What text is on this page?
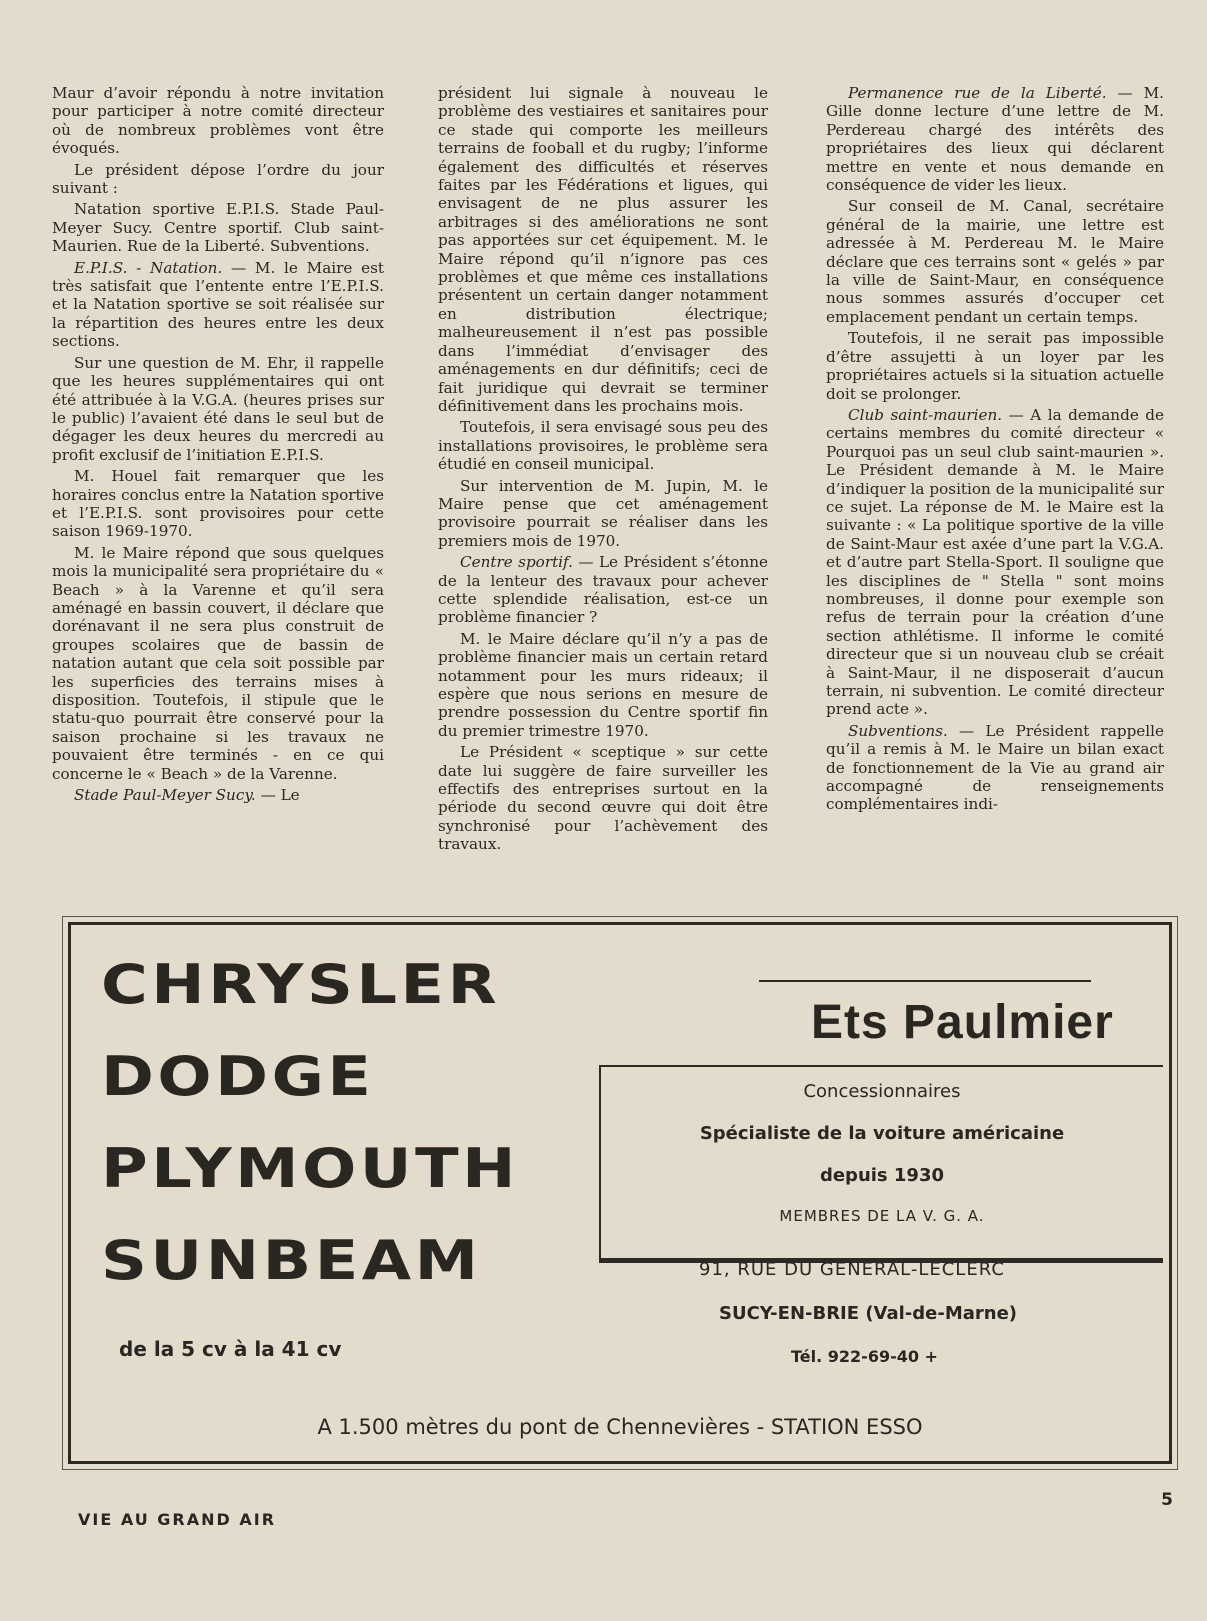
Maur d’avoir répondu à notre invitation pour participer à notre comité directeur où de nombreux problèmes vont être évoqués.

Le président dépose l’ordre du jour suivant :

Natation sportive E.P.I.S. Stade Paul-Meyer Sucy. Centre sportif. Club saint-Maurien. Rue de la Liberté. Subventions.

E.P.I.S. - Natation. — M. le Maire est très satisfait que l’entente entre l’E.P.I.S. et la Natation sportive se soit réalisée sur la répartition des heures entre les deux sections.

Sur une question de M. Ehr, il rappelle que les heures supplémentaires qui ont été attribuée à la V.G.A. (heures prises sur le public) l’avaient été dans le seul but de dégager les deux heures du mercredi au profit exclusif de l’initiation E.P.I.S.

M. Houel fait remarquer que les horaires conclus entre la Natation sportive et l’E.P.I.S. sont provisoires pour cette saison 1969-1970.

M. le Maire répond que sous quelques mois la municipalité sera propriétaire du « Beach » à la Varenne et qu’il sera aménagé en bassin couvert, il déclare que dorénavant il ne sera plus construit de groupes scolaires que de bassin de natation autant que cela soit possible par les superficies des terrains mises à disposition. Toutefois, il stipule que le statu-quo pourrait être conservé pour la saison prochaine si les travaux ne pouvaient être terminés - en ce qui concerne le « Beach » de la Varenne.

Stade Paul-Meyer Sucy. — Le

président lui signale à nouveau le problème des vestiaires et sanitaires pour ce stade qui comporte les meilleurs terrains de fooball et du rugby; l’informe également des difficultés et réserves faites par les Fédérations et ligues, qui envisagent de ne plus assurer les arbitrages si des améliorations ne sont pas apportées sur cet équipement. M. le Maire répond qu’il n’ignore pas ces problèmes et que même ces installations présentent un certain danger notamment en distribution électrique; malheureusement il n’est pas possible dans l’immédiat d’envisager des aménagements en dur définitifs; ceci de fait juridique qui devrait se terminer définitivement dans les prochains mois.

Toutefois, il sera envisagé sous peu des installations provisoires, le problème sera étudié en conseil municipal.

Sur intervention de M. Jupin, M. le Maire pense que cet aménagement provisoire pourrait se réaliser dans les premiers mois de 1970.

Centre sportif. — Le Président s’étonne de la lenteur des travaux pour achever cette splendide réalisation, est-ce un problème financier ?

M. le Maire déclare qu’il n’y a pas de problème financier mais un certain retard notamment pour les murs rideaux; il espère que nous serions en mesure de prendre possession du Centre sportif fin du premier trimestre 1970.

Le Président « sceptique » sur cette date lui suggère de faire surveiller les effectifs des entreprises surtout en la période du second œuvre qui doit être synchronisé pour l’achèvement des travaux.

Permanence rue de la Liberté. — M. Gille donne lecture d’une lettre de M. Perdereau chargé des intérêts des propriétaires des lieux qui déclarent mettre en vente et nous demande en conséquence de vider les lieux.

Sur conseil de M. Canal, secrétaire général de la mairie, une lettre est adressée à M. Perdereau M. le Maire déclare que ces terrains sont « gelés » par la ville de Saint-Maur, en conséquence nous sommes assurés d’occuper cet emplacement pendant un certain temps.

Toutefois, il ne serait pas impossible d’être assujetti à un loyer par les propriétaires actuels si la situation actuelle doit se prolonger.

Club saint-maurien. — A la demande de certains membres du comité directeur « Pourquoi pas un seul club saint-maurien ». Le Président demande à M. le Maire d’indiquer la position de la municipalité sur ce sujet. La réponse de M. le Maire est la suivante : « La politique sportive de la ville de Saint-Maur est axée d’une part la V.G.A. et d’autre part Stella-Sport. Il souligne que les disciplines de " Stella " sont moins nombreuses, il donne pour exemple son refus de terrain pour la création d’une section athlétisme. Il informe le comité directeur que si un nouveau club se créait à Saint-Maur, il ne disposerait d’aucun terrain, ni subvention. Le comité directeur prend acte ».

Subventions. — Le Président rappelle qu’il a remis à M. le Maire un bilan exact de fonctionnement de la Vie au grand air accompagné de renseignements complémentaires indi-

CHRYSLER
DODGE
PLYMOUTH
SUNBEAM
de la 5 cv à la 41 cv
Ets Paulmier
Concessionnaires
Spécialiste de la voiture américaine
depuis 1930
MEMBRES DE LA V. G. A.
91, RUE DU GÉNÉRAL-LECLERC
SUCY-EN-BRIE (Val-de-Marne)
Tél. 922-69-40 +
A 1.500 mètres du pont de Chennevières - STATION ESSO
VIE AU GRAND AIR
5
